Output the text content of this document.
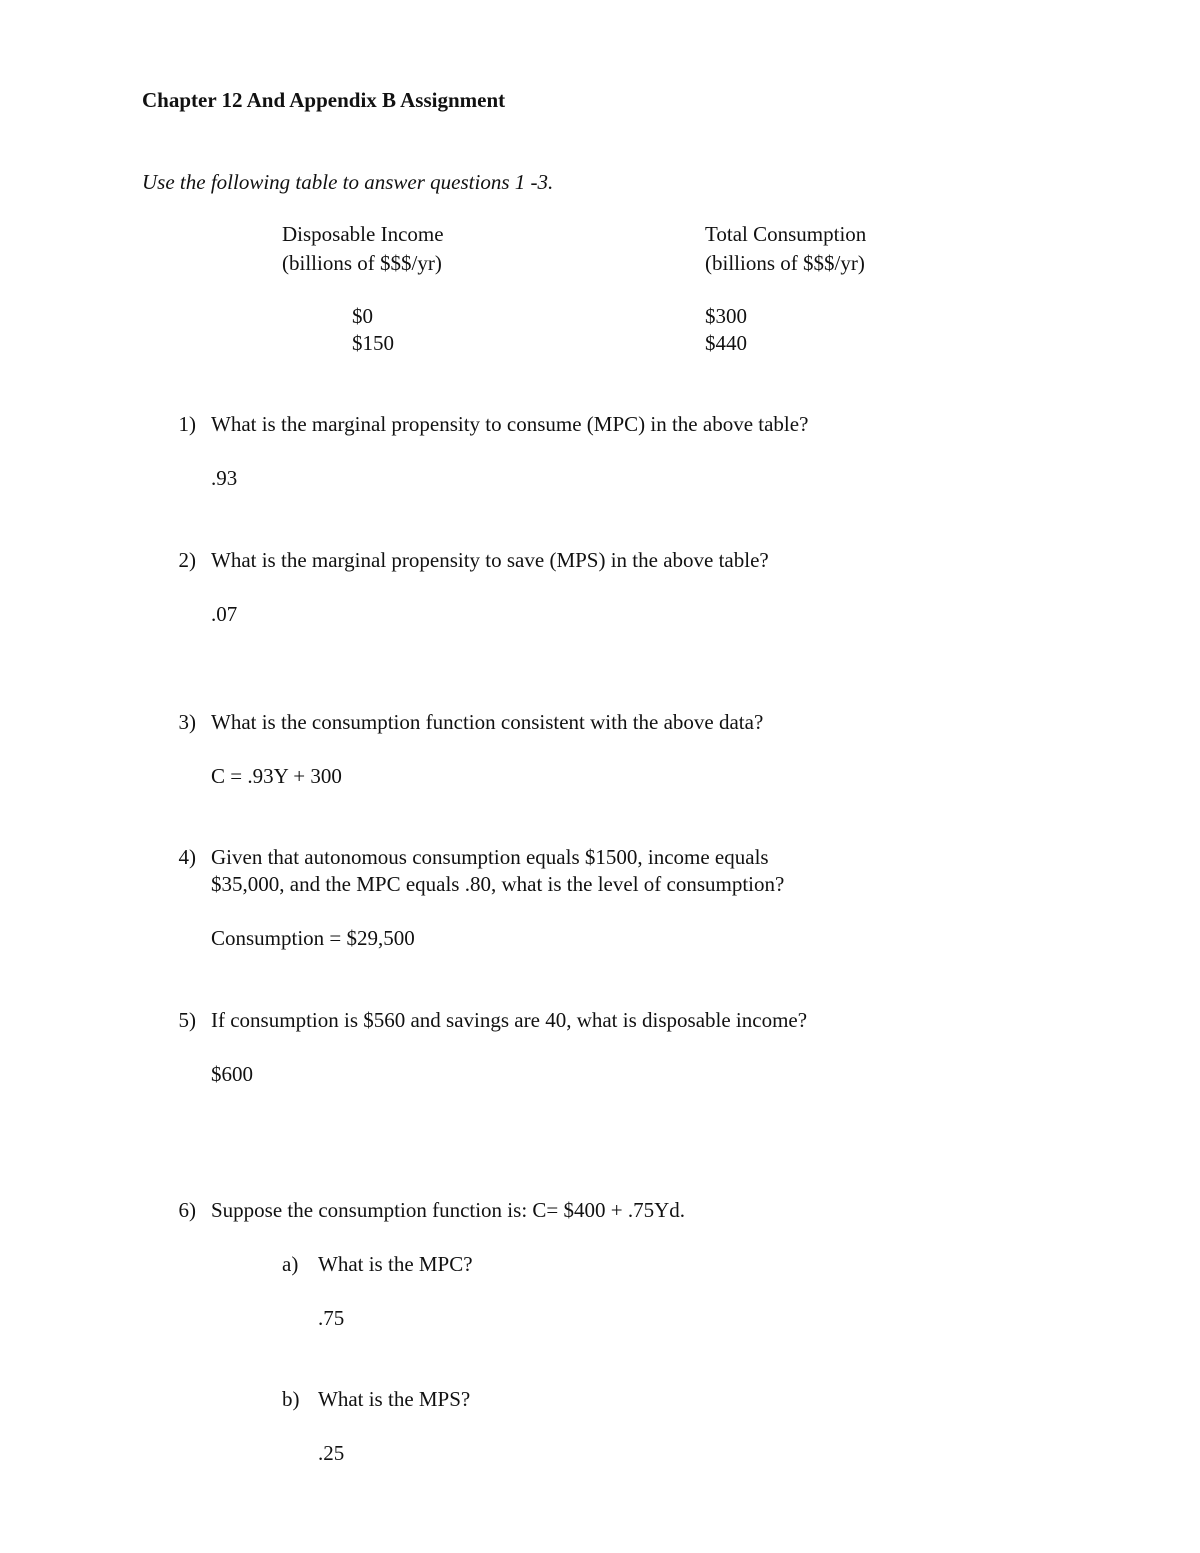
Chapter 12 And Appendix B Assignment
Use the following table to answer questions 1 -3.
Disposable Income
(billions of $$$/yr)
Total Consumption
(billions of $$$/yr)
$0	$300
$150	$440
1) What is the marginal propensity to consume (MPC) in the above table?
.93
2) What is the marginal propensity to save (MPS) in the above table?
.07
3) What is the consumption function consistent with the above data?
C = .93Y + 300
4) Given that autonomous consumption equals $1500, income equals
$35,000, and the MPC equals .80, what is the level of consumption?
Consumption = $29,500
5) If consumption is $560 and savings are 40, what is disposable income?
$600
6) Suppose the consumption function is: C= $400 + .75Yd.
a) What is the MPC?
.75
b) What is the MPS?
.25
